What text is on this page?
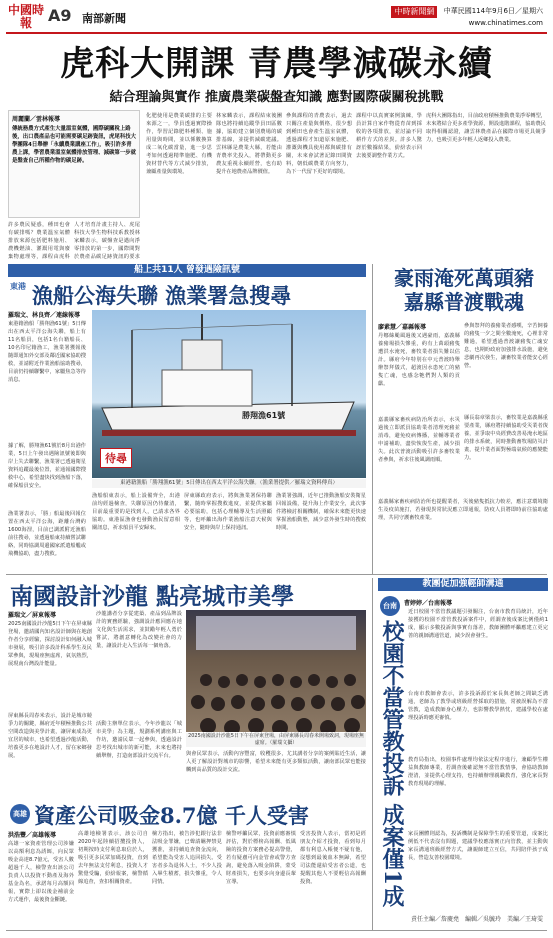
中國時報	A9 南部新聞
中時新聞網 中華民國114年9月6日／星期六
www.chinatimes.com
虎科大開課 青農學減碳永續
結合理論與實作 推廣農業碳盤查知識 應對國際碳關稅挑戰
周麗蘭／雲林報導
傳統務農方式產生大量溫室氣體，國際碳關稅上路後，出口農產品也可能需要碳足跡資訊，虎尾科技大學團隊4日舉辦「永續農業講座工作」，吸引許多青農上課，學習農業溫室氣體排放管理、減碳第一步就是盤查自己所種作物的碳足跡。
許多農民疑惑，種田也會有碳排嗎？農業溫室氣體排放來源包括肥料施用、農機燃油、灌溉用電與廢棄物處理等，課程由虎科
人才培育計畫主持人、虎尾科技大學生物科技系教授林家麟表示，碳盤查是邁向淨零排放的第一步，國際間對於農產品碳足跡資訊的要求
化肥使用是農業碳排的主要來源之一，學員透過實際操作，學習記錄肥料種類、施用量與時間，並以係數換算成二氧化碳當量，進一步思考如何透過精準施肥、有機資材替代等方式減少排放，兼顧產量與環境。
林家麟表示，課程結束後團隊也將持續追蹤學員田區數據，協助建立個別農場的碳排基線，並提供減碳建議。雲林縣是農業大縣，若能由青農率先投入，將帶動更多農友重視永續經營，也有助提升在地農產品牌價值。
參與課程的青農表示，過去只關注產量與價格，很少想到種田也會產生溫室氣體，透過課程才知道原來施肥、灌溉與機具使用都與碳排有關，未來會試著記錄田間資料，朝低碳農業方向努力，為下一代留下更好的環境。
課程中以真實案例演練，學員計算自家作物從育苗到採收的各項排放，並討論不同耕作方式的差異。許多人驚訝於數據結果，紛紛表示回去後要調整作業方式。
虎科大團隊指出，目前政府積極推動農業淨零轉型，未來將結合更多產學資源，開設進階課程，協助農民取得相關認證，讓雲林農產品在國際市場更具競爭力，也吸引更多年輕人返鄉投入農業。
船上共11人 曾發遇險訊號
東港 漁船公海失聯 漁業署急搜尋
羅瑞文、林良齊／連線報導
東港籍漁船「勝翔漁61號」5日傳出在西太平洋公海失聯，船上有11名船員，包括1名台籍船長、10名印尼籍漁工，漁業署獲報後隨即通知外交部及鄰近國家協助搜救，並請附近作業漁船協助搜尋，目前仍持續聯繫中，家屬焦急等待消息。
據了解，勝翔漁61號於8月出港作業，5日上午發出遇險訊號後即與岸上失去聯繫，漁業署已透過衛星資料追蹤最後位置，並通報國際搜救中心，希望盡快找到漁船下落，確保船員安全。
漁業署表示，「勝」船最後回報位置在西太平洋公海，距離台灣約1600海浬，目前已調派附近漁船前往搜尋，並透過船東持續嘗試聯絡，同時協調周邊國家派遣船艦或飛機協助，盡力搜救。
勝翔漁61號
待尋
東港籍漁船「勝翔漁61號」5日傳出在西太平洋公海失聯。（漁業署提供／羅瑞文資料傳真）
漁船船東表示，船上設備齊全，出港前均經過檢查，失聯原因仍待釐清，目前最重要的是找到人，已請求各界協助。東港區漁會也發動漁民留意相關訊息，祈求船員平安歸來。
屏東縣政府表示，將與漁業署保持聯繫，隨時掌握搜救進度，並提供家屬必要協助，包括心理輔導及生活照顧等，也呼籲出海作業漁船注意天候與安全，隨時與岸上保持通訊。
漁業署強調，近年已推動漁船安裝衛星回報設備，提升海上作業安全，此次事件將檢討相關機制，確保未來能更快速掌握漁船動態，減少意外發生時的搜救時間。
豪雨淹死萬頭豬
嘉縣普渡戰魂
廖素慧／嘉縣報導
丹娜絲颱風過後又遇豪雨，嘉義縣養豬場損失慘重，約有上萬頭豬隻遭洪水淹死，畜牧業者損失難以估計。縣府今年特別在中元普渡時舉辦祭拜儀式，超渡因水患死亡的豬隻亡魂，也感念牠們對人類的貢獻。
嘉義縣家畜疾病防治所表示，水災過後立即派員協助業者清理死豬並消毒，避免疫病傳播，並輔導業者申請補助，盡快恢復生產，減少損失。此次普渡活動吸引許多畜牧業者參與，祈求往後風調雨順。
參與祭拜的養豬業者感嘆，辛苦飼養的豬隻一夕之間全數淹死，心裡非常難過，希望透過普渡讓豬隻亡魂安息，也期盼政府加強排水設施，避免悲劇再次發生，讓畜牧業者能安心經營。
縣長翁章梁表示，畜牧業是嘉義縣重要產業，縣府將持續協助受災業者復養，並爭取中央經費改善易淹水地區的排水系統，同時推動畜牧場防災計畫，提升業者面對極端氣候的應變能力。
嘉義縣家畜疾病防治所也提醒業者，災後豬隻抵抗力較差，應注意環境衛生及疫苗施打，若發現異常狀況應立即通報，防疫人員將即時前往協助處理，共同守護畜牧產業。
南國設計沙龍 點亮城市美學
羅瑞文／屏東報導
2025南國設計沙龍5日下午在屏東縣登場，邀請國內知名設計師與在地創作者分享經驗，探討設計如何融入城市發展，吸引許多設計科系學生及民眾參與，現場座無虛席，氣氛熱烈，展現南台灣設計能量。
屏東縣長周春米表示，設計是城市競爭力的關鍵，縣府近年積極推動公共空間改造與美學計畫，讓屏東成為更宜居的城市，也希望透過沙龍活動，培養更多在地設計人才，留在家鄉發展。
沙龍講者分享從建築、產品到品牌設計的實務經驗，強調設計應回應在地文化與生活需求，並鼓勵年輕人勇於嘗試，將創意轉化為改變社會的力量，讓設計走入生活每一個角落。
2025南國設計沙龍5日下午在屏東登場，由屏東縣長周春米開場致詞，現場座無虛席。（羅瑞文攝）
活動主辦單位表示，今年沙龍以「城市美學」為主題，規劃系列講座與工作坊，邀請民眾一起參與，透過設計思考找出城市的新可能，未來也將持續舉辦，打造南部設計交流平台。	與會民眾表示，活動內容豐富，收穫很多，尤其講者分享的案例貼近生活，讓人更了解設計對城市的影響，希望未來能有更多類似活動，讓南部民眾也能接觸到高品質的設計交流。
高雄 資產公司吸金8.7億 千人受害
洪浩豐／高雄報導
高雄一家資產管理公司涉嫌以高額利息為誘餌，向民眾吸金高達8.7億元，受害人數超過千人，檢警查出該公司負責人以投資不動產及海外基金為名，承諾每月高額回報，實際上卻以後金補前金方式運作，最後資金斷鏈。
高雄地檢署表示，該公司自2020年起陸續招攬投資人，初期按時支付利息取信於人，吸引更多民眾加碼投資，直到去年無法支付利息，投資人才驚覺受騙，紛紛報案，檢警循線追查，查扣相關資產。
檢方指出，被告涉犯銀行法非法吸金罪嫌，已聲請羈押禁見獲准，並持續追查資金流向，希望能為受害人追回損失。受害者多為退休人士，不少人投入畢生積蓄，損失慘重，令人同情。
檢警呼籲民眾，投資前應審慎評估，對於標榜高報酬、低風險的投資方案務必提高警覺，若有疑慮可向金管會或警方查詢，避免落入吸金陷阱，蒙受財產損失，也要多向身邊長輩宣導。
受害投資人表示，當初是經朋友介紹才投資，看到每月都有利息入帳便不疑有他，沒想到最後血本無歸，希望司法能還給受害者公道，也提醒其他人不要輕信高報酬投資。
教團促加強輕師溝通
台南	曹婷婷／台南報導
校園不當管教投訴 成案僅1成
近日校園不當管教議題引發關注，台南市教育局統計，近年接獲的校園不當管教投訴案件中，經調查後成案比例僅約1成，顯示多數投訴與事實有落差，教師團體呼籲應建立更完善的親師溝通管道，減少誤會發生。
台南市教師會表示，許多投訴源於家長與老師之間缺乏溝通，老師為了教學或班級經營採取的措施，常被誤解為不當管教，造成教師身心壓力，也影響教學熱忱，建議學校在處理投訴時應更審慎。
教育局指出，校園事件處理均依法定程序進行，兼顧學生權益與教師專業，若調查後確認無不當管教情事，會協助教師澄清，並提供心理支持，也持續辦理親職教育，強化家長對教育現場的理解。
家長團體則認為，投訴機制是保障學生的重要管道，成案比例低不代表沒有問題，建議學校應落實正向管教，並主動與家長溝通班級經營方式，讓親師建立互信，共同陪伴孩子成長，營造友善校園環境。
責任主編／詹慶堯　編輯／吳毓玲　美編／王琦雯
